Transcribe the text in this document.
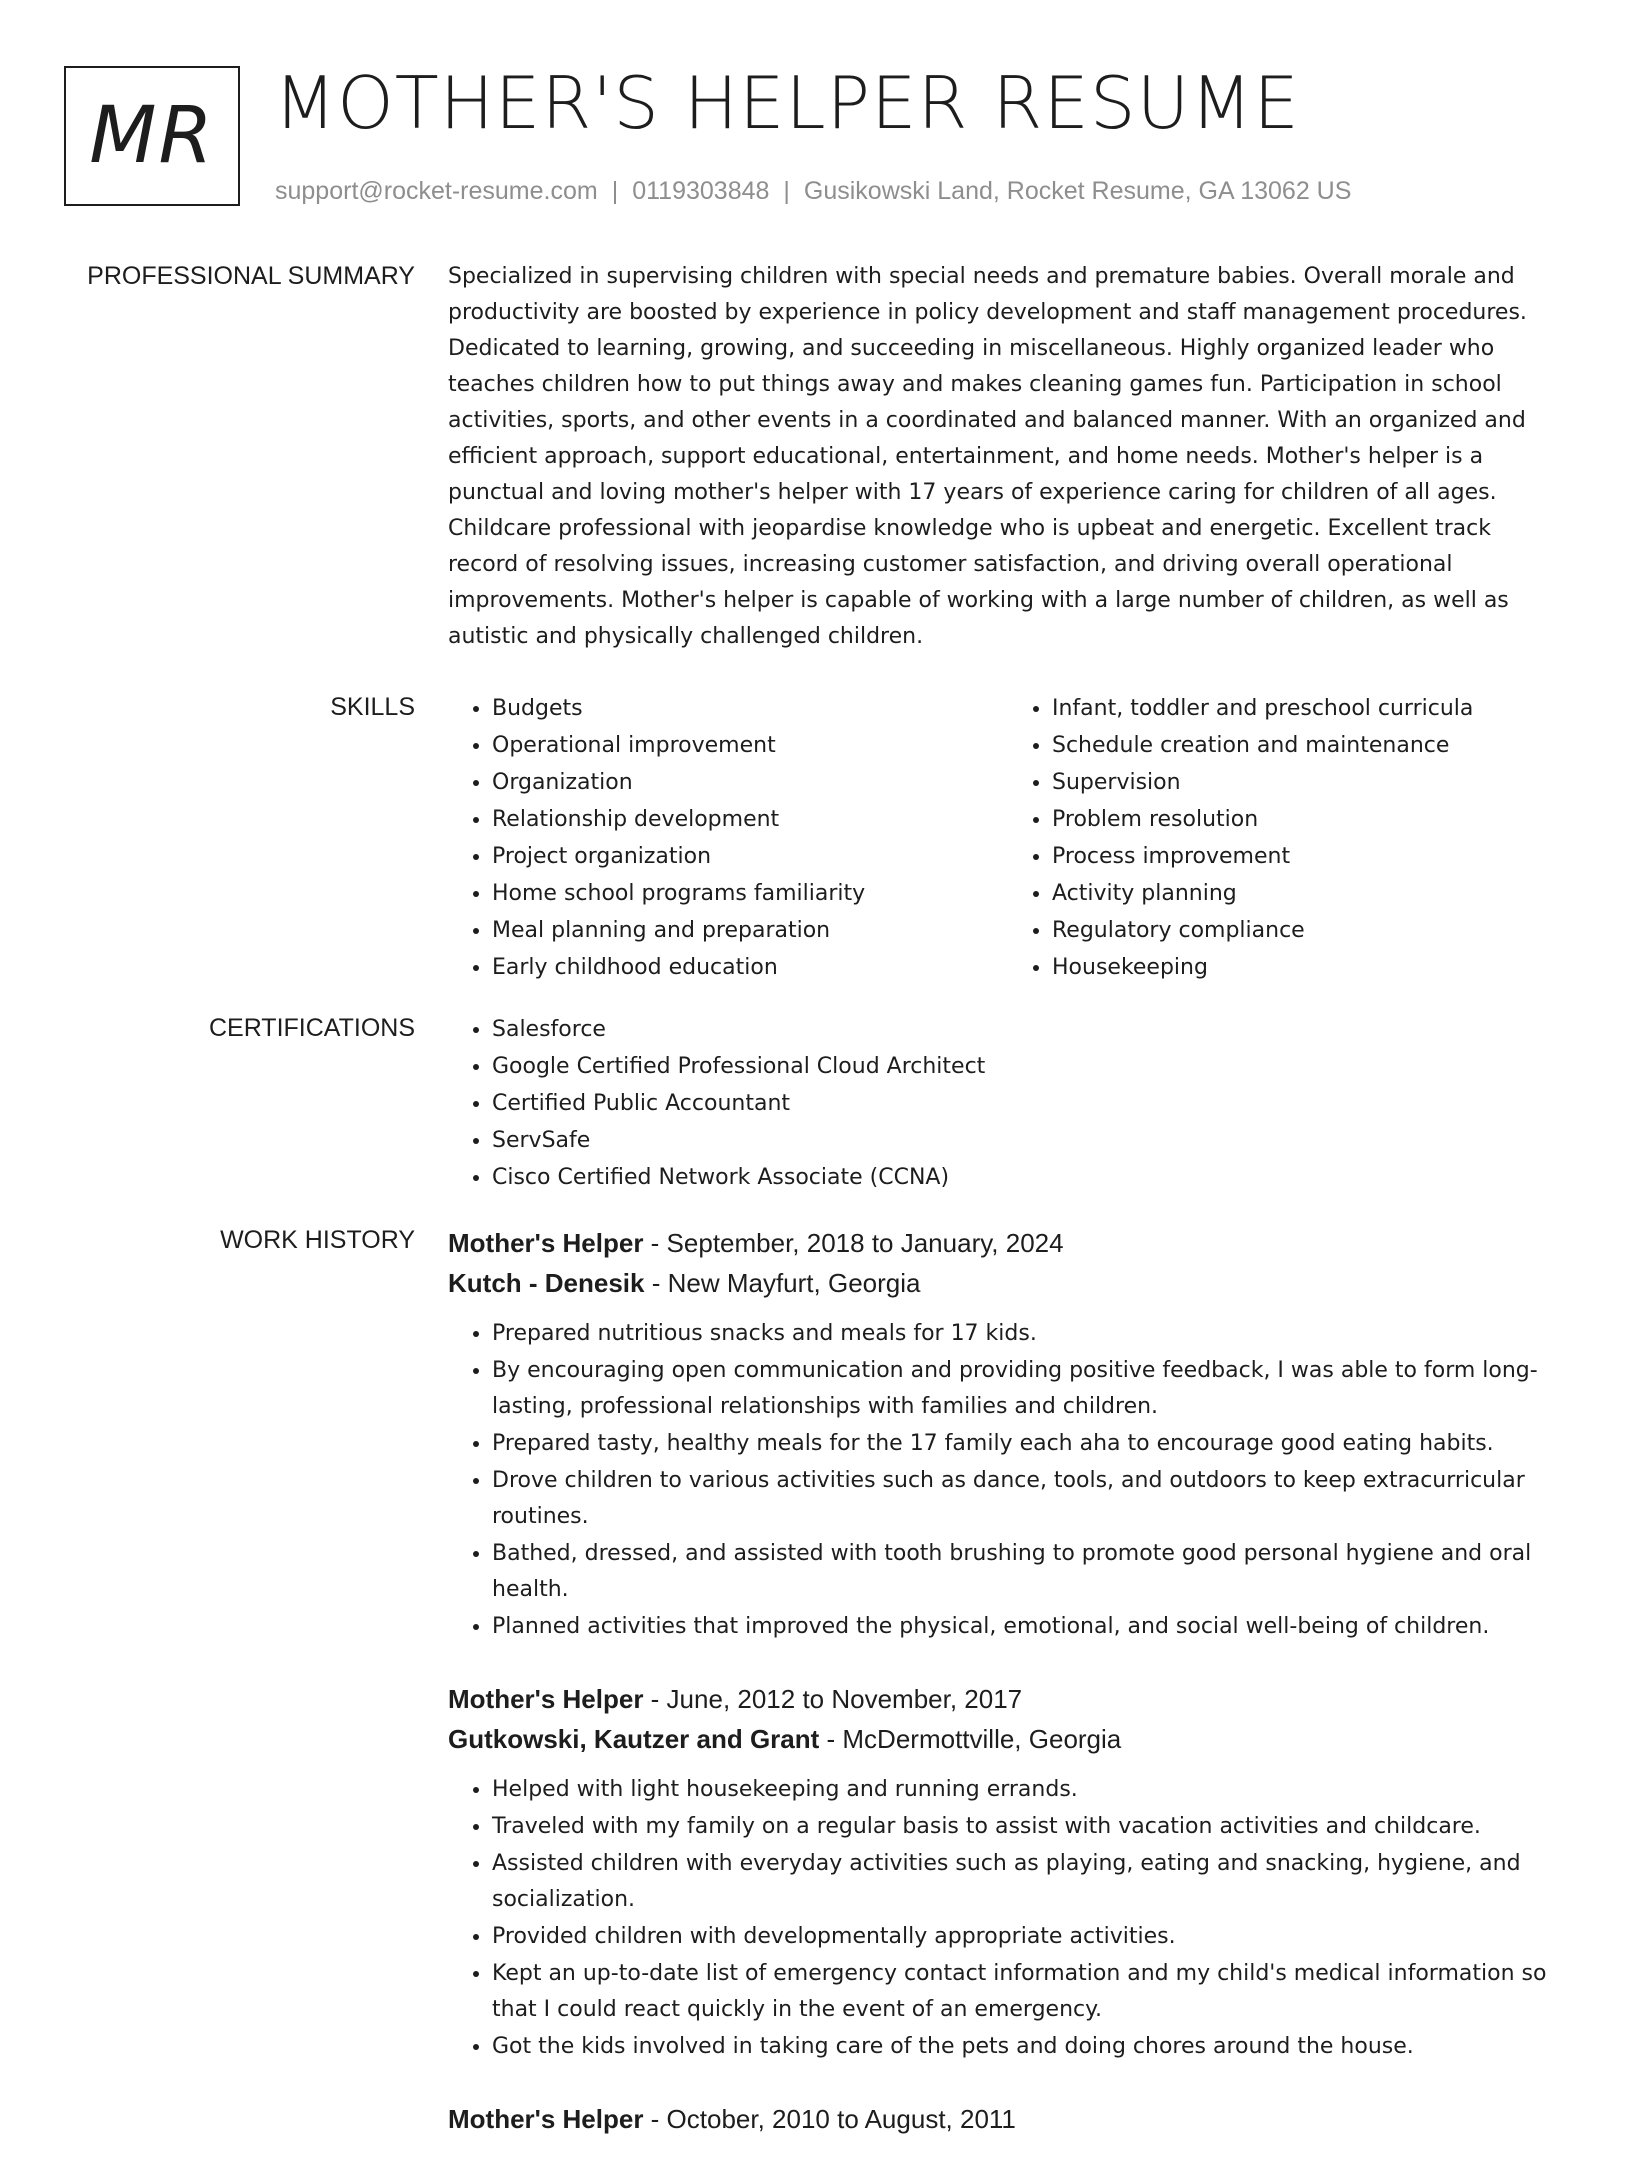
MR MOTHER'S HELPER RESUME
support@rocket-resume.com | 0119303848 | Gusikowski Land, Rocket Resume, GA 13062 US
PROFESSIONAL SUMMARY Specialized in supervising children with special needs and premature babies. Overall morale and productivity are boosted by experience in policy development and staff management procedures. Dedicated to learning, growing, and succeeding in miscellaneous. Highly organized leader who teaches children how to put things away and makes cleaning games fun. Participation in school activities, sports, and other events in a coordinated and balanced manner. With an organized and efficient approach, support educational, entertainment, and home needs. Mother's helper is a punctual and loving mother's helper with 17 years of experience caring for children of all ages. Childcare professional with jeopardise knowledge who is upbeat and energetic. Excellent track record of resolving issues, increasing customer satisfaction, and driving overall operational improvements. Mother's helper is capable of working with a large number of children, as well as autistic and physically challenged children.

SKILLS	• Budgets
• Operational improvement
• Organization
• Relationship development
• Project organization
• Home school programs familiarity
• Meal planning and preparation
• Early childhood education
• Infant, toddler and preschool curricula
• Schedule creation and maintenance
• Supervision
• Problem resolution
• Process improvement
• Activity planning
• Regulatory compliance
• Housekeeping
CERTIFICATIONS	• Salesforce
• Google Certified Professional Cloud Architect
• Certified Public Accountant
• ServSafe
• Cisco Certified Network Associate (CCNA)
WORK HISTORY Mother's Helper - September, 2018 to January, 2024
Kutch - Denesik - New Mayfurt, Georgia
• Prepared nutritious snacks and meals for 17 kids.
• By encouraging open communication and providing positive feedback, I was able to form long-lasting, professional relationships with families and children.
• Prepared tasty, healthy meals for the 17 family each aha to encourage good eating habits.
• Drove children to various activities such as dance, tools, and outdoors to keep extracurricular routines.
• Bathed, dressed, and assisted with tooth brushing to promote good personal hygiene and oral health.
• Planned activities that improved the physical, emotional, and social well-being of children.
Mother's Helper - June, 2012 to November, 2017
Gutkowski, Kautzer and Grant - McDermottville, Georgia
• Helped with light housekeeping and running errands.
• Traveled with my family on a regular basis to assist with vacation activities and childcare.
• Assisted children with everyday activities such as playing, eating and snacking, hygiene, and socialization.
• Provided children with developmentally appropriate activities.
• Kept an up-to-date list of emergency contact information and my child's medical information so that I could react quickly in the event of an emergency.
• Got the kids involved in taking care of the pets and doing chores around the house.
Mother's Helper - October, 2010 to August, 2011
